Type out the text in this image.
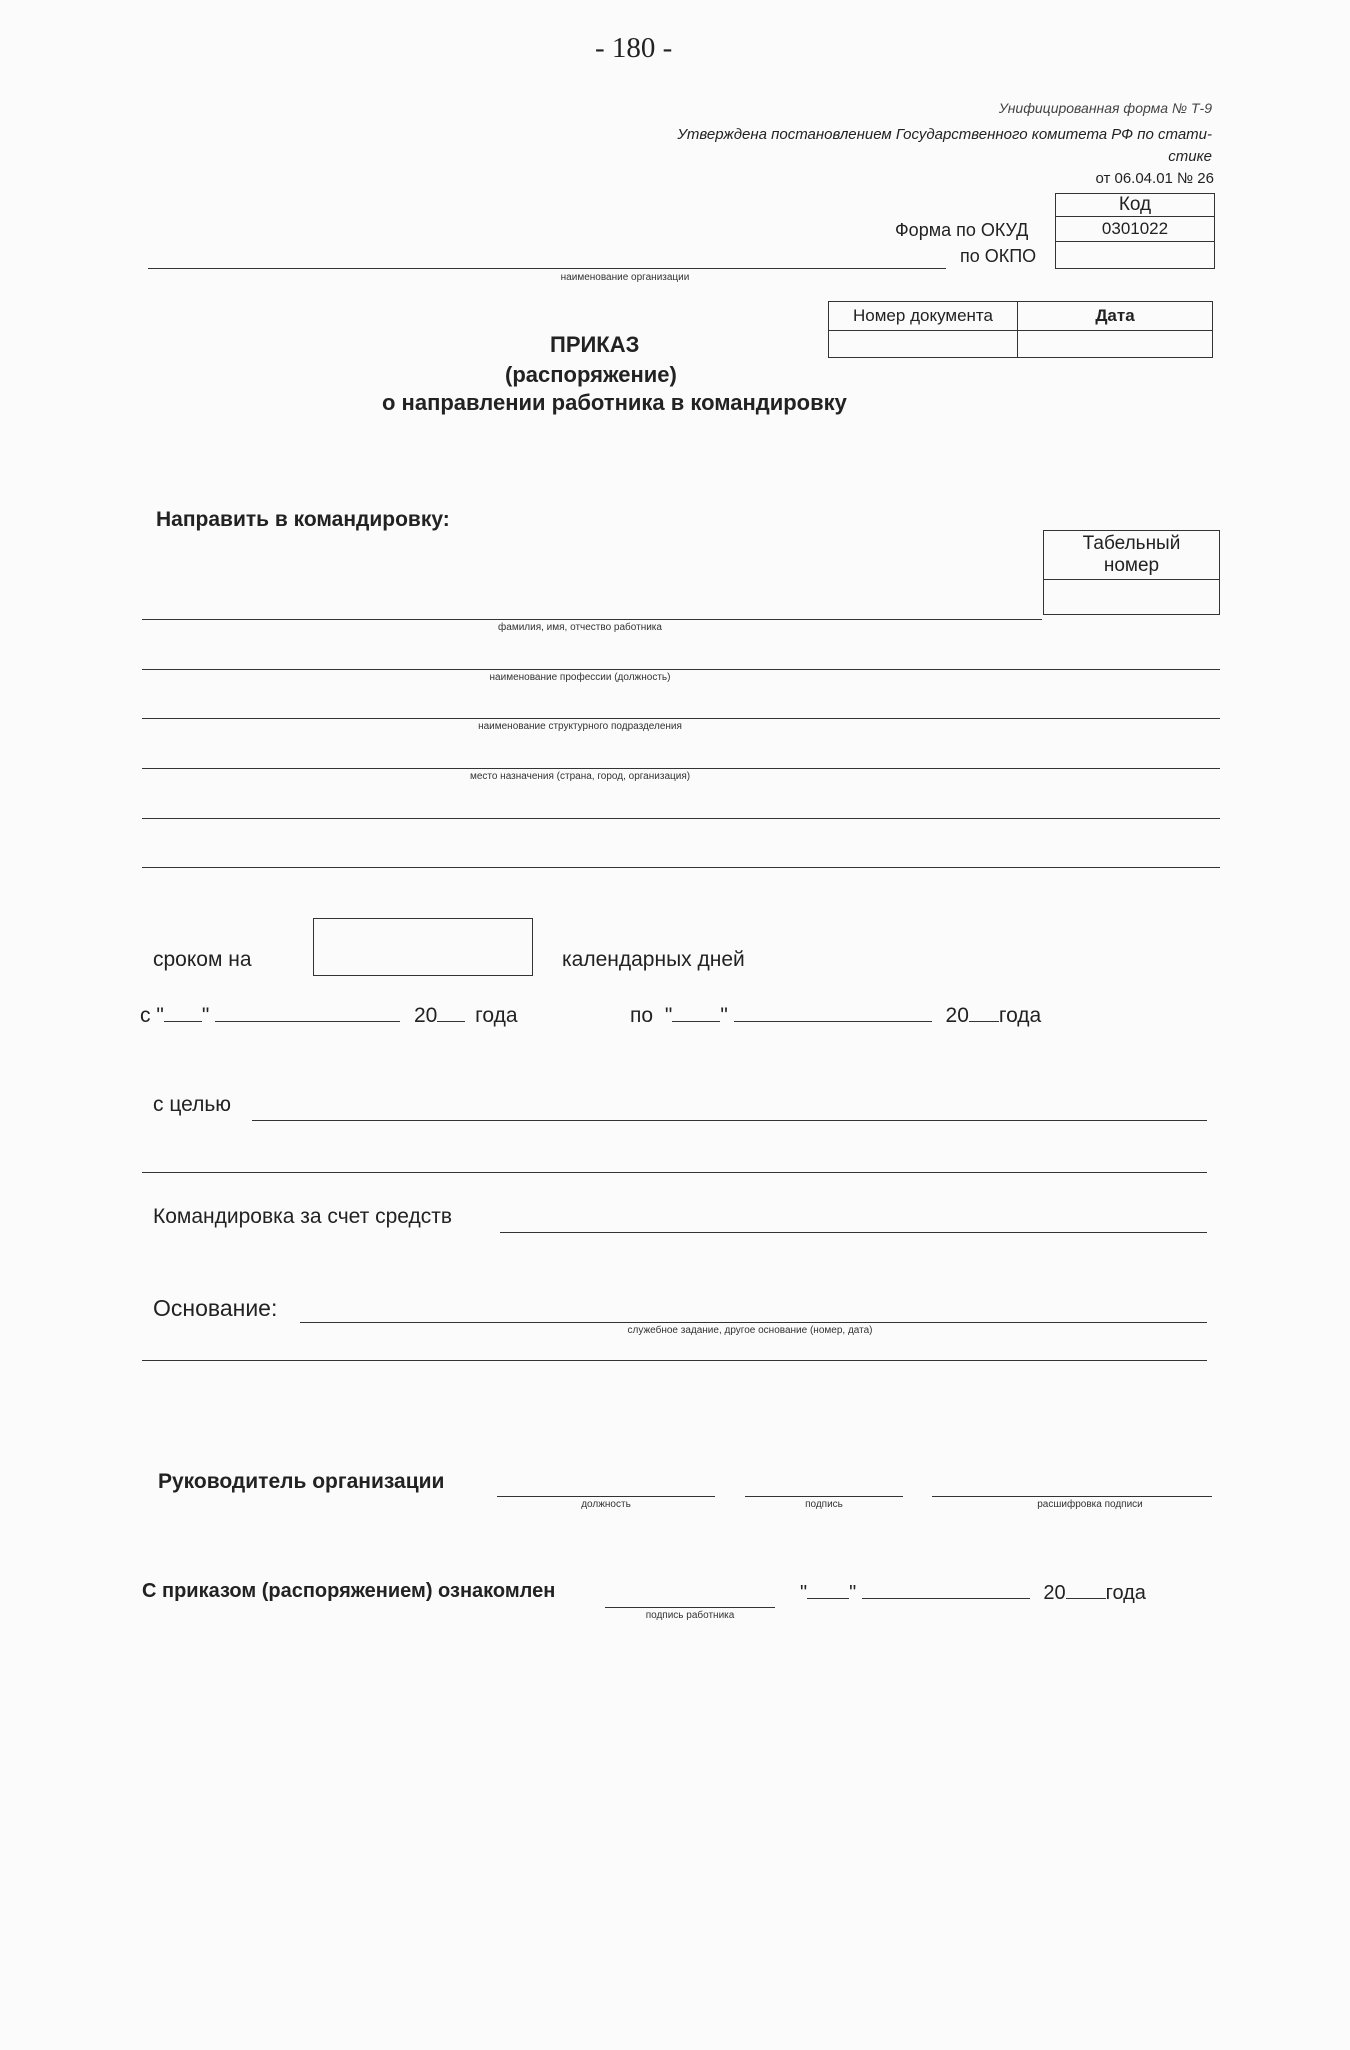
- 180 -
Унифицированная форма № Т-9
Утверждена постановлением Государственного комитета РФ по стати-
стике
от 06.04.01 № 26
Форма по ОКУД
по ОКПО
Код
0301022

наименование организации
Номер документа	Дата

ПРИКАЗ
(распоряжение)
о направлении работника в командировку
Направить в командировку:
Табельный
номер

фамилия, имя, отчество работника
наименование профессии (должность)
наименование структурного подразделения
место назначения (страна, город, организация)
сроком на	календарных дней
с " "	20 года	по " "	20 года
с целью
Командировка за счет средств
Основание:
служебное задание, другое основание (номер, дата)
Руководитель организации
должность	подпись	расшифровка подписи
С приказом (распоряжением) ознакомлен
подпись работника
" "	20 года
